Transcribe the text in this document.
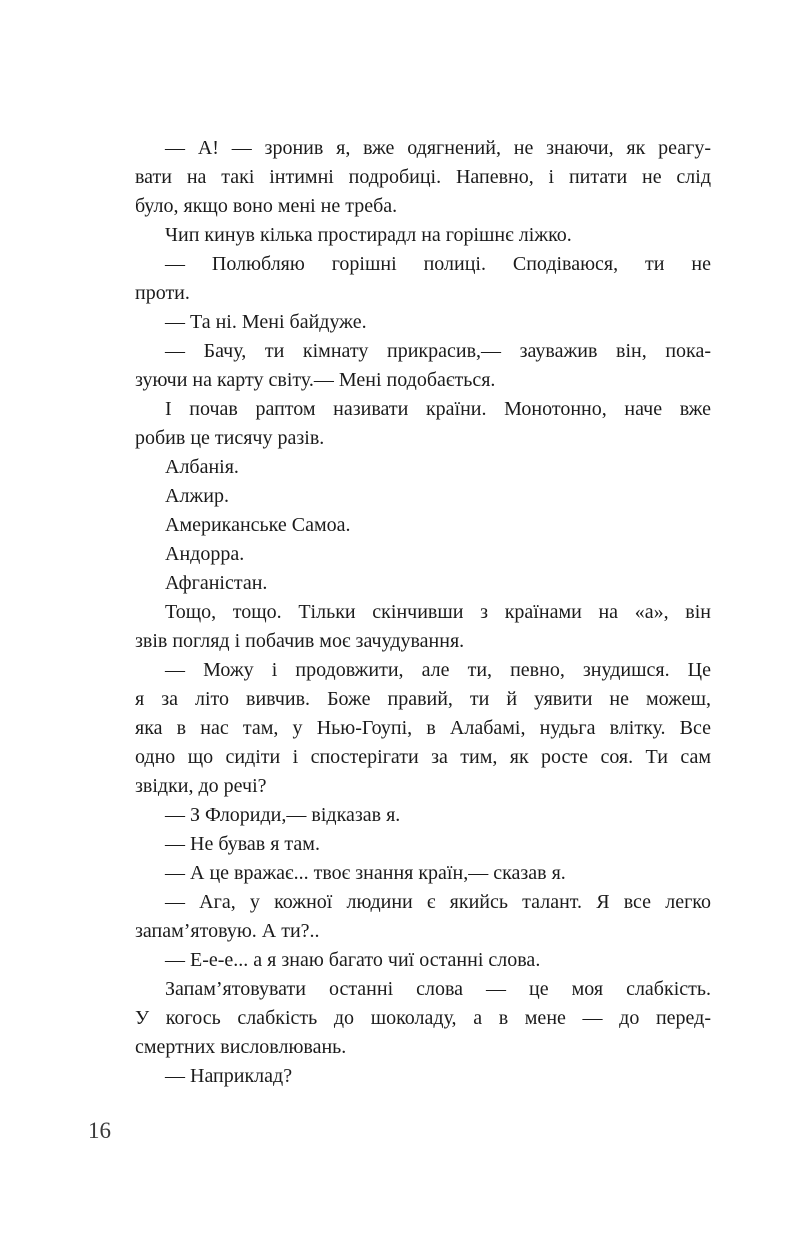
— А! — зронив я, вже одягнений, не знаючи, як реагу-
вати на такі інтимні подробиці. Напевно, і питати не слід
було, якщо воно мені не треба.
Чип кинув кілька простирадл на горішнє ліжко.
— Полюбляю горішні полиці. Сподіваюся, ти не
проти.
— Та ні. Мені байдуже.
— Бачу, ти кімнату прикрасив,— зауважив він, пока-
зуючи на карту світу.— Мені подобається.
І почав раптом називати країни. Монотонно, наче вже
робив це тисячу разів.
Албанія.
Алжир.
Американське Самоа.
Андорра.
Афганістан.
Тощо, тощо. Тільки скінчивши з країнами на «а», він
звів погляд і побачив моє зачудування.
— Можу і продовжити, але ти, певно, знудишся. Це
я за літо вивчив. Боже правий, ти й уявити не можеш,
яка в нас там, у Нью-Гоупі, в Алабамі, нудьга влітку. Все
одно що сидіти і спостерігати за тим, як росте соя. Ти сам
звідки, до речі?
— З Флориди,— відказав я.
— Не бував я там.
— А це вражає... твоє знання країн,— сказав я.
— Ага, у кожної людини є якийсь талант. Я все легко
запам’ятовую. А ти?..
— Е-е-е... а я знаю багато чиї останні слова.
Запам’ятовувати останні слова — це моя слабкість.
У когось слабкість до шоколаду, а в мене — до перед-
смертних висловлювань.
— Наприклад?
16
